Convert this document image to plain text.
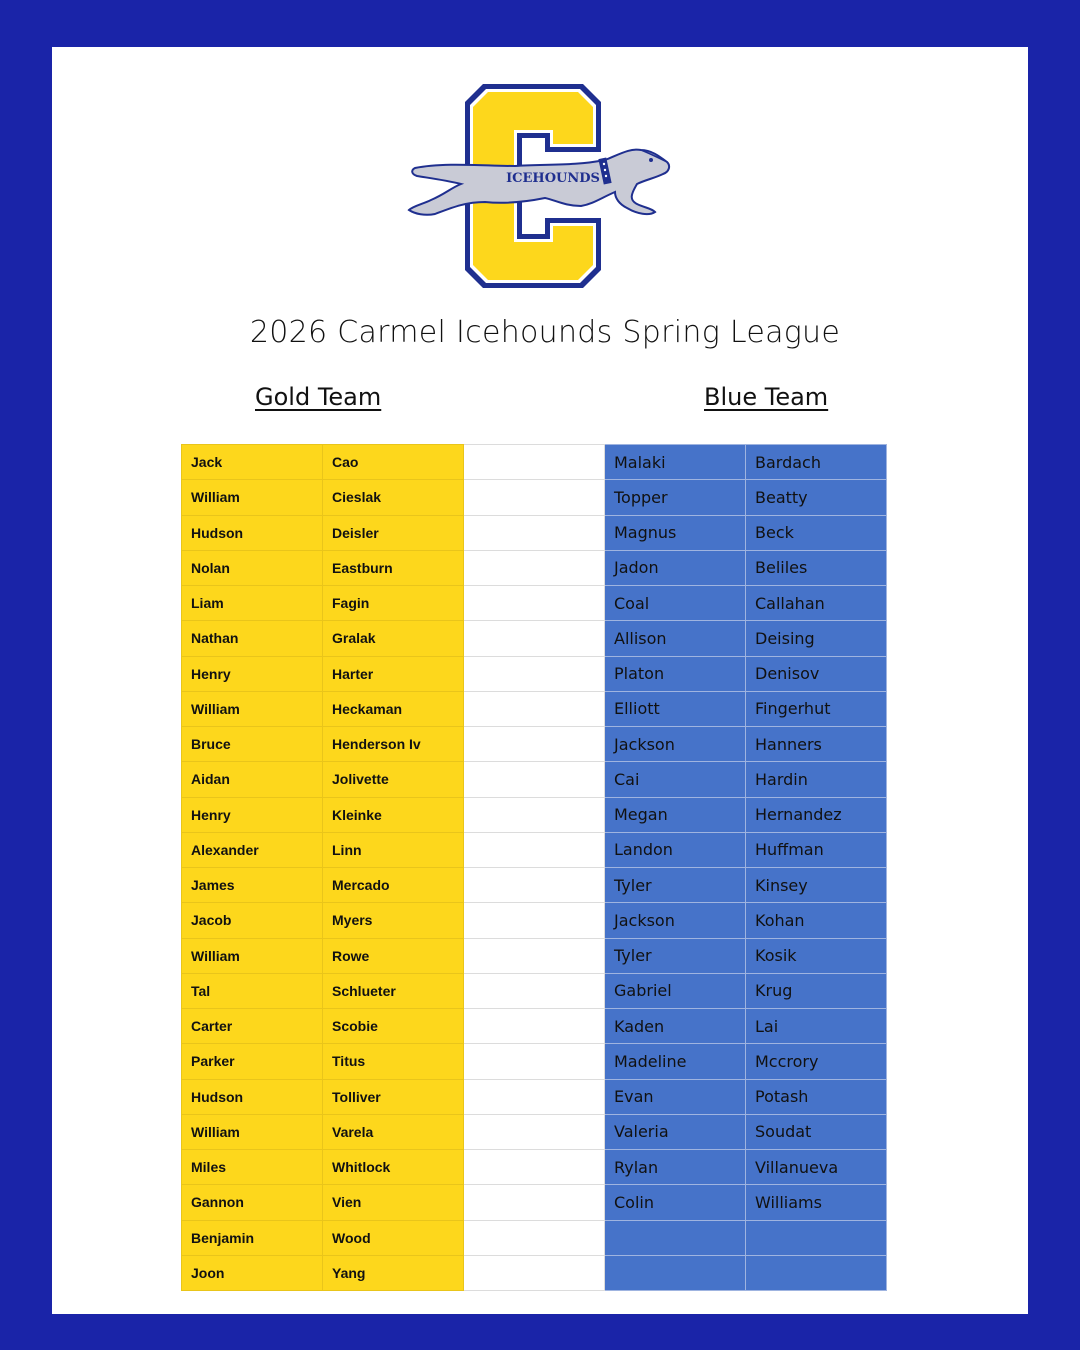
ICEHOUNDS
2026 Carmel Icehounds Spring League
Gold Team	Blue Team
Jack	Cao		Malaki	Bardach
William	Cieslak		Topper	Beatty
Hudson	Deisler		Magnus	Beck
Nolan	Eastburn		Jadon	Beliles
Liam	Fagin		Coal	Callahan
Nathan	Gralak		Allison	Deising
Henry	Harter		Platon	Denisov
William	Heckaman		Elliott	Fingerhut
Bruce	Henderson Iv		Jackson	Hanners
Aidan	Jolivette		Cai	Hardin
Henry	Kleinke		Megan	Hernandez
Alexander	Linn		Landon	Huffman
James	Mercado		Tyler	Kinsey
Jacob	Myers		Jackson	Kohan
William	Rowe		Tyler	Kosik
Tal	Schlueter		Gabriel	Krug
Carter	Scobie		Kaden	Lai
Parker	Titus		Madeline	Mccrory
Hudson	Tolliver		Evan	Potash
William	Varela		Valeria	Soudat
Miles	Whitlock		Rylan	Villanueva
Gannon	Vien		Colin	Williams
Benjamin	Wood			
Joon	Yang			
